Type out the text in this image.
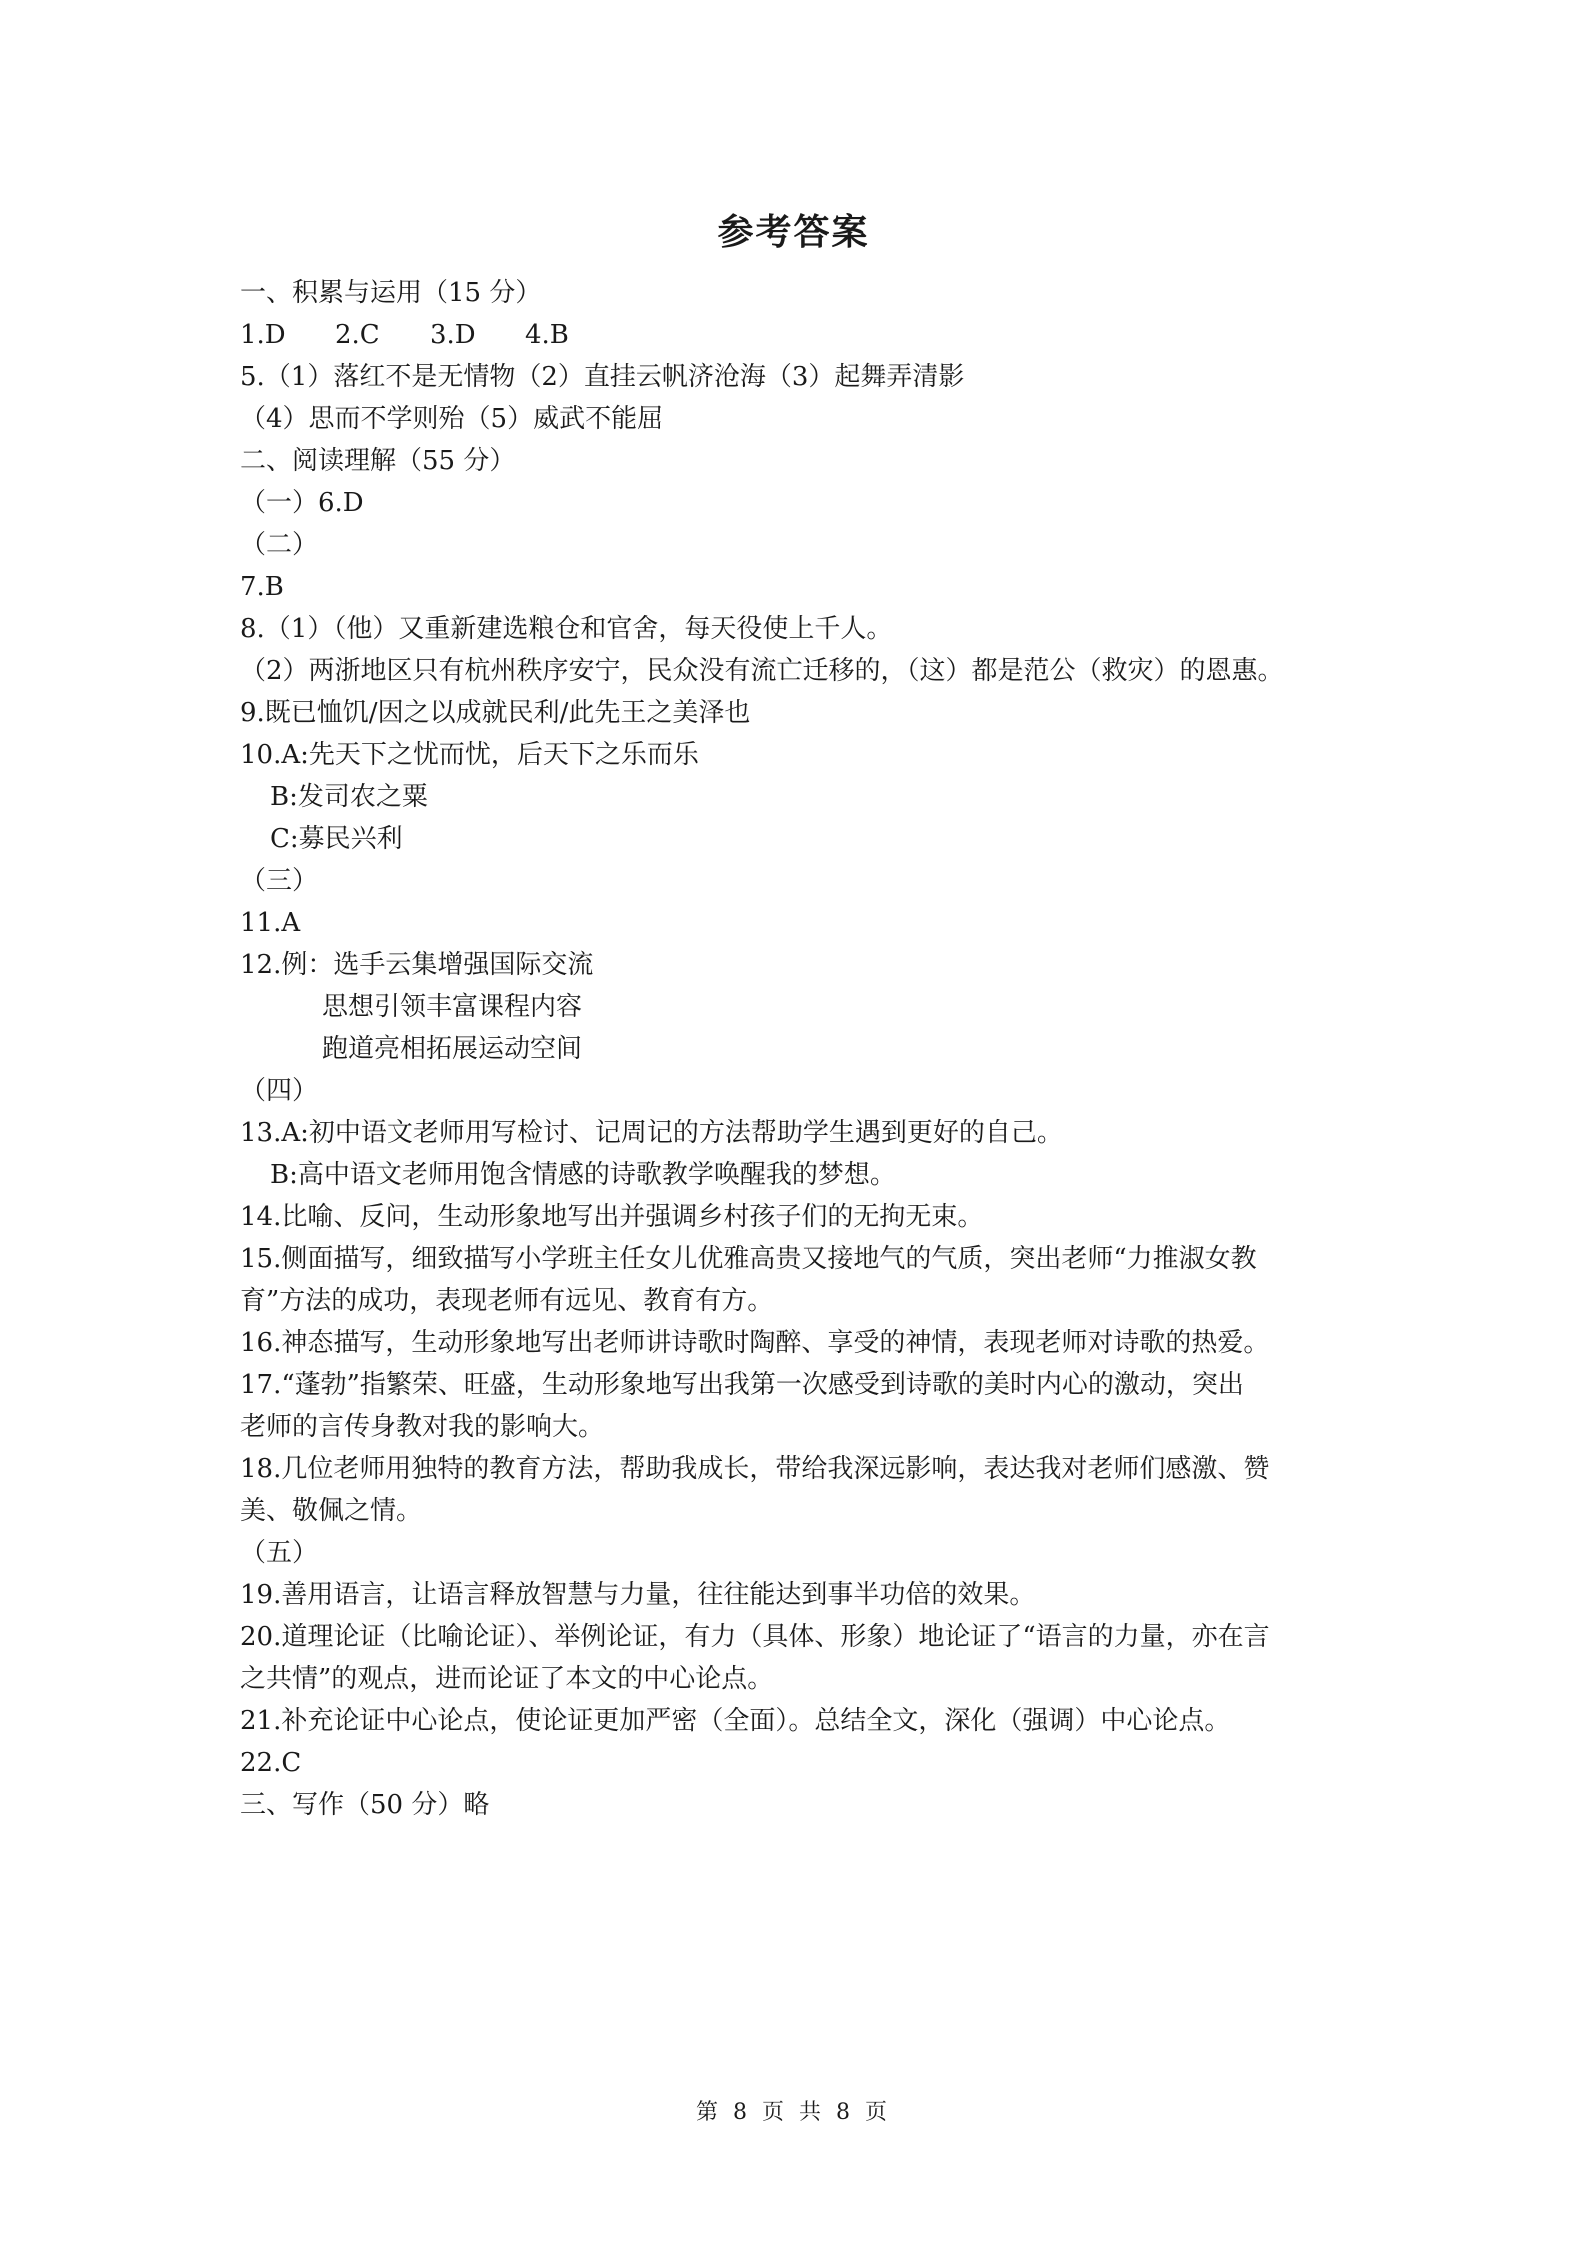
参考答案
一、积累与运用（15 分）
1.D 2.C 3.D 4.B
5.（1）落红不是无情物（2）直挂云帆济沧海（3）起舞弄清影
（4）思而不学则殆（5）威武不能屈
二、阅读理解（55 分）
（一）6.D
（二）
7.B
8.（1）（他）又重新建选粮仓和官舍，每天役使上千人。
（2）两浙地区只有杭州秩序安宁，民众没有流亡迁移的，（这）都是范公（救灾）的恩惠。
9.既已恤饥/因之以成就民利/此先王之美泽也
10.A:先天下之忧而忧，后天下之乐而乐
B:发司农之粟
C:募民兴利
（三）
11.A
12.例：选手云集增强国际交流
思想引领丰富课程内容
跑道亮相拓展运动空间
（四）
13.A:初中语文老师用写检讨、记周记的方法帮助学生遇到更好的自己。
B:高中语文老师用饱含情感的诗歌教学唤醒我的梦想。
14.比喻、反问，生动形象地写出并强调乡村孩子们的无拘无束。
15.侧面描写，细致描写小学班主任女儿优雅高贵又接地气的气质，突出老师“力推淑女教
育”方法的成功，表现老师有远见、教育有方。
16.神态描写，生动形象地写出老师讲诗歌时陶醉、享受的神情，表现老师对诗歌的热爱。
17.“蓬勃”指繁荣、旺盛，生动形象地写出我第一次感受到诗歌的美时内心的激动，突出
老师的言传身教对我的影响大。
18.几位老师用独特的教育方法，帮助我成长，带给我深远影响，表达我对老师们感激、赞
美、敬佩之情。
（五）
19.善用语言，让语言释放智慧与力量，往往能达到事半功倍的效果。
20.道理论证（比喻论证）、举例论证，有力（具体、形象）地论证了“语言的力量，亦在言
之共情”的观点，进而论证了本文的中心论点。
21.补充论证中心论点，使论证更加严密（全面）。总结全文，深化（强调）中心论点。
22.C
三、写作（50 分）略
第 8 页 共 8 页
